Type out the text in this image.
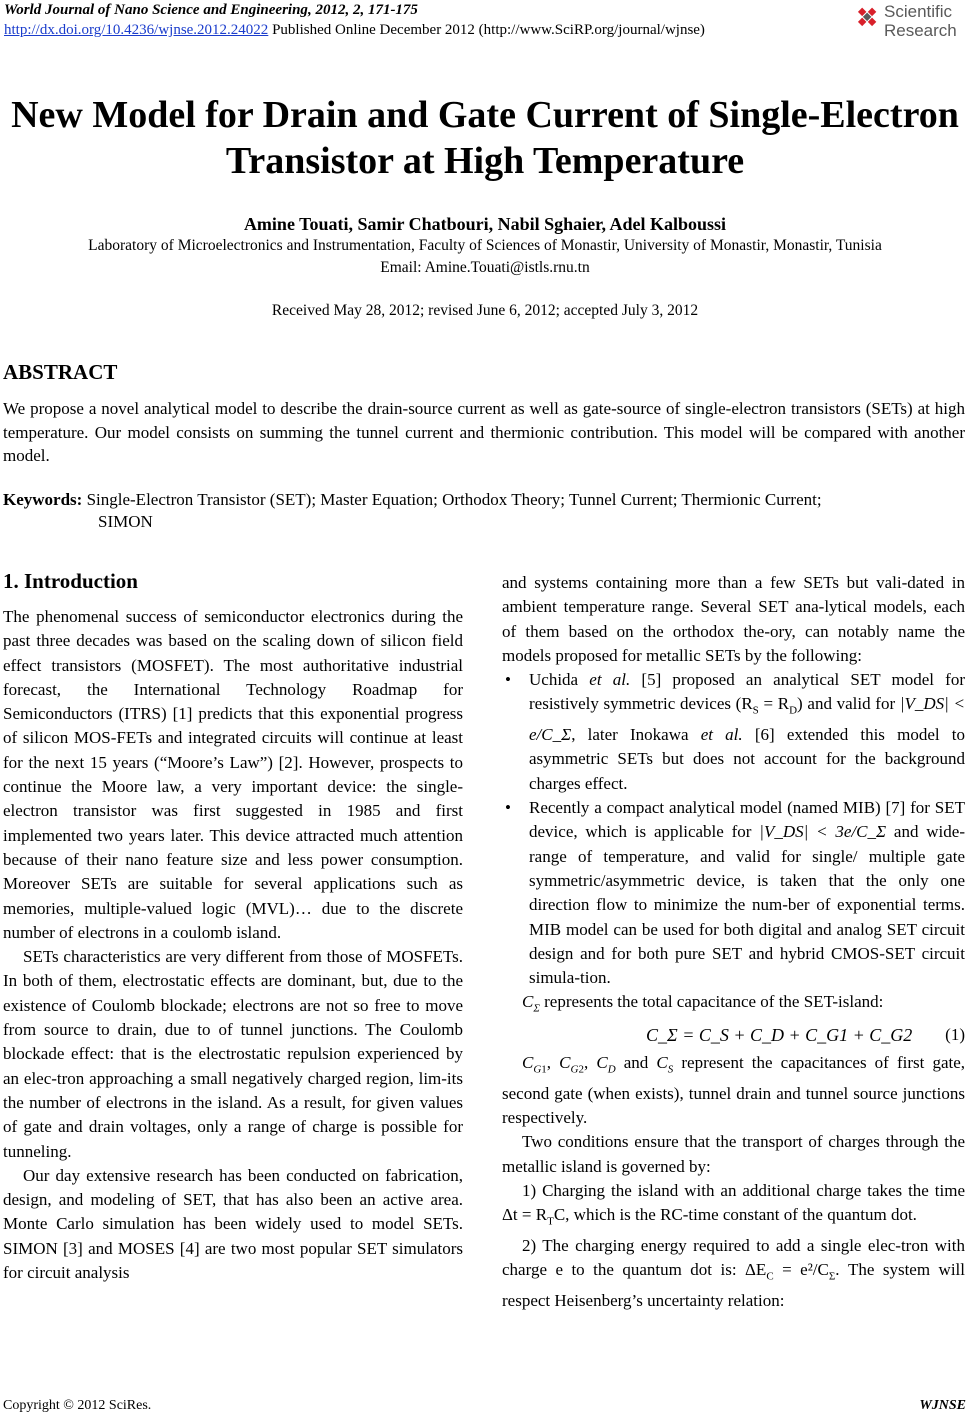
World Journal of Nano Science and Engineering, 2012, 2, 171-175
http://dx.doi.org/10.4236/wjnse.2012.24022 Published Online December 2012 (http://www.SciRP.org/journal/wjnse)
Scientific
Research
New Model for Drain and Gate Current of Single-Electron
Transistor at High Temperature
Amine Touati, Samir Chatbouri, Nabil Sghaier, Adel Kalboussi
Laboratory of Microelectronics and Instrumentation, Faculty of Sciences of Monastir, University of Monastir, Monastir, Tunisia
Email: Amine.Touati@istls.rnu.tn
Received May 28, 2012; revised June 6, 2012; accepted July 3, 2012
ABSTRACT
We propose a novel analytical model to describe the drain-source current as well as gate-source of single-electron transistors (SETs) at high temperature. Our model consists on summing the tunnel current and thermionic contribution. This model will be compared with another model.
Keywords: Single-Electron Transistor (SET); Master Equation; Orthodox Theory; Tunnel Current; Thermionic Current;
SIMON
1. Introduction

The phenomenal success of semiconductor electronics during the past three decades was based on the scaling down of silicon field effect transistors (MOSFET). The most authoritative industrial forecast, the International Technology Roadmap for Semiconductors (ITRS) [1] predicts that this exponential progress of silicon MOS-FETs and integrated circuits will continue at least for the next 15 years (“Moore’s Law”) [2]. However, prospects to continue the Moore law, a very important device: the single-electron transistor was first suggested in 1985 and first implemented two years later. This device attracted much attention because of their nano feature size and less power consumption. Moreover SETs are suitable for several applications such as memories, multiple-valued logic (MVL)… due to the discrete number of electrons in a coulomb island.

SETs characteristics are very different from those of MOSFETs. In both of them, electrostatic effects are dominant, but, due to the existence of Coulomb blockade; electrons are not so free to move from source to drain, due to of tunnel junctions. The Coulomb blockade effect: that is the electrostatic repulsion experienced by an elec-tron approaching a small negatively charged region, lim-its the number of electrons in the island. As a result, for given values of gate and drain voltages, only a range of charge is possible for tunneling.

Our day extensive research has been conducted on fabrication, design, and modeling of SET, that has also been an active area. Monte Carlo simulation has been widely used to model SETs. SIMON [3] and MOSES [4] are two most popular SET simulators for circuit analysis

and systems containing more than a few SETs but vali-dated in ambient temperature range. Several SET ana-lytical models, each of them based on the orthodox the-ory, can notably name the models proposed for metallic SETs by the following:

• Uchida et al. [5] proposed an analytical SET model for resistively symmetric devices $(R_S = R_D)$ and valid for |V_DS| < e/C_Σ, later Inokawa et al. [6] extended this model to asymmetric SETs but does not account for the background charges effect.

• Recently a compact analytical model (named MIB) [7] for SET device, which is applicable for |V_DS| < 3e/C_Σ and wide-range of temperature, and valid for single/ multiple gate symmetric/asymmetric device, is taken that the only one direction flow to minimize the num-ber of exponential terms. MIB model can be used for both digital and analog SET circuit design and for both pure SET and hybrid CMOS-SET circuit simula-tion.

$C_\Sigma$ represents the total capacitance of the SET-island:

C_Σ = C_S + C_D + C_G1 + C_G2 (1)

$C_{G1}$, $C_{G2}$, $C_D$ and $C_S$ represent the capacitances of first gate, second gate (when exists), tunnel drain and tunnel source junctions respectively.

Two conditions ensure that the transport of charges through the metallic island is governed by:

1) Charging the island with an additional charge takes the time $\Delta t = R_TC$, which is the RC-time constant of the quantum dot.

2) The charging energy required to add a single elec-tron with charge e to the quantum dot is: $\Delta E_C = e^2/C_\Sigma$. The system will respect Heisenberg’s uncertainty relation:

Copyright © 2012 SciRes.	WJNSE
